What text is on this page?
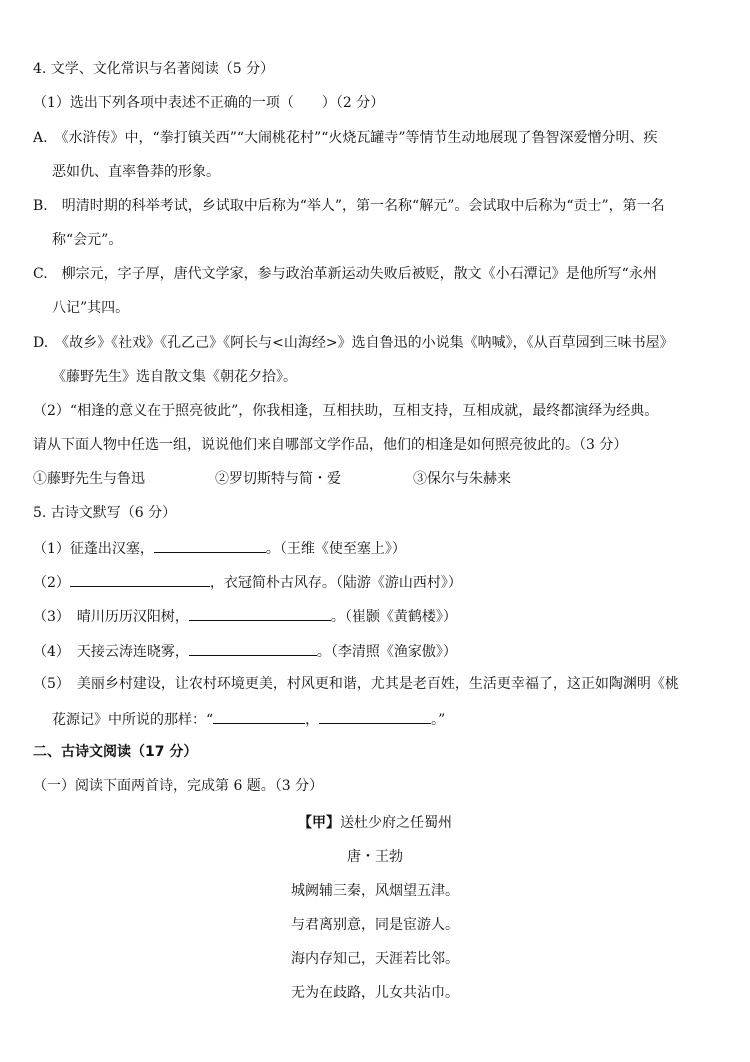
4. 文学、文化常识与名著阅读（5 分）
（1）选出下列各项中表述不正确的一项（　　）（2 分）
A.　《水浒传》中，“拳打镇关西”“大闹桃花村”“火烧瓦罐寺”等情节生动地展现了鲁智深爱憎分明、疾
恶如仇、直率鲁莽的形象。
B.　明清时期的科举考试，乡试取中后称为“举人”，第一名称“解元”。会试取中后称为“贡士”，第一名
称“会元”。
C.　柳宗元，字子厚，唐代文学家，参与政治革新运动失败后被贬，散文《小石潭记》是他所写“永州
八记”其四。
D.　《故乡》《社戏》《孔乙己》《阿长与<山海经>》选自鲁迅的小说集《呐喊》，《从百草园到三味书屋》
《藤野先生》选自散文集《朝花夕拾》。
（2）“相逢的意义在于照亮彼此”，你我相逢，互相扶助，互相支持，互相成就，最终都演绎为经典。
请从下面人物中任选一组，说说他们来自哪部文学作品，他们的相逢是如何照亮彼此的。（3 分）
①藤野先生与鲁迅	②罗切斯特与简・爱	③保尔与朱赫来
5. 古诗文默写（6 分）
（1）征蓬出汉塞，	。（王维《使至塞上》）
（2）	，衣冠简朴古风存。（陆游《游山西村》）
（3）　晴川历历汉阳树，	。（崔颢《黄鹤楼》）
（4）　天接云涛连晓雾，	。（李清照《渔家傲》）
（5）　美丽乡村建设，让农村环境更美，村风更和谐，尤其是老百姓，生活更幸福了，这正如陶渊明《桃
花源记》中所说的那样：“	，	。”
二、古诗文阅读（17 分）
（一）阅读下面两首诗，完成第 6 题。（3 分）
【甲】送杜少府之任蜀州
唐・王勃
城阙辅三秦，风烟望五津。
与君离别意，同是宦游人。
海内存知己，天涯若比邻。
无为在歧路，儿女共沾巾。
